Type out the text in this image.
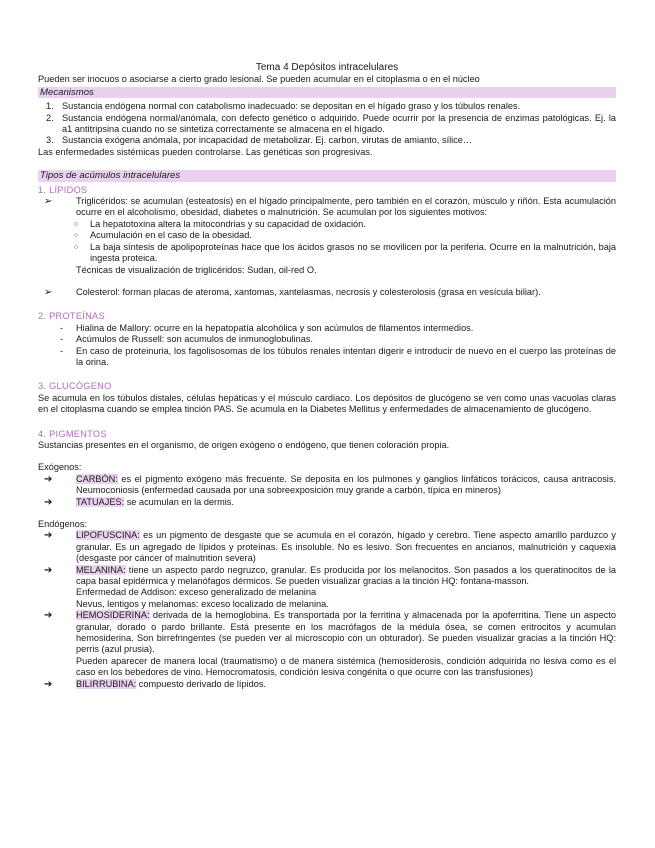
Tema 4 Depósitos intracelulares
Pueden ser inocuos o asociarse a cierto grado lesional. Se pueden acumular en el citoplasma o en el núcleo
Mecanismos
1. Sustancia endógena normal con catabolismo inadecuado: se depositan en el hígado graso y los túbulos renales.
2. Sustancia endógena normal/anómala, con defecto genético o adquirido. Puede ocurrir por la presencia de enzimas patológicas. Ej. la a1 antitripsina cuando no se sintetiza correctamente se almacena en el hígado.
3. Sustancia exógena anómala, por incapacidad de metabolizar. Ej. carbon, virutas de amianto, sílice…
Las enfermedades sistémicas pueden controlarse. Las genéticas son progresivas.
Tipos de acúmulos intracelulares
1. LÍPIDOS
➢	Triglicéridos: se acumulan (esteatosis) en el hígado principalmente, pero también en el corazón, músculo y riñón. Esta acumulación ocurre en el alcoholismo, obesidad, diabetes o malnutrición. Se acumulan por los siguientes motivos:
○ La hepatotoxina altera la mitocondrias y su capacidad de oxidación.
○ Acumulación en el caso de la obesidad.
○ La baja síntesis de apolipoproteínas hace que los ácidos grasos no se movilicen por la periferia. Ocurre en la malnutrición, baja ingesta proteica.
Técnicas de visualización de triglicéridos: Sudan, oil-red O.
➢	Colesterol: forman placas de ateroma, xantomas, xantelasmas, necrosis y colesterolosis (grasa en vesícula biliar).
2. PROTEÍNAS
- Hialina de Mallory: ocurre en la hepatopatía alcohólica y son acúmulos de filamentos intermedios.
- Acúmulos de Russell: son acumulos de inmunoglobulinas.
- En caso de proteinuria, los fagolisosomas de los túbulos renales intentan digerir e introducir de nuevo en el cuerpo las proteínas de la orina.
3. GLUCÓGENO
Se acumula en los túbulos distales, células hepáticas y el músculo cardiaco. Los depósitos de glucógeno se ven como unas vacuolas claras en el citoplasma cuando se emplea tinción PAS. Se acumula en la Diabetes Mellitus y enfermedades de almacenamiento de glucógeno.
4. PIGMENTOS
Sustancias presentes en el organismo, de origen exógeno o endógeno, que tienen coloración propia.
Exógenos:
➔	CARBÓN: es el pigmento exógeno más frecuente. Se deposita en los pulmones y ganglios linfáticos torácicos, causa antracosis. Neumoconiosis (enfermedad causada por una sobreexposición muy grande a carbón, típica en mineros)
➔	TATUAJES: se acumulan en la dermis.
Endógenos:
➔	LIPOFUSCINA: es un pigmento de desgaste que se acumula en el corazón, hígado y cerebro. Tiene aspecto amarillo parduzco y granular. Es un agregado de lípidos y proteínas. Es insoluble. No es lesivo. Son frecuentes en ancianos, malnutrición y caquexia (desgaste por cáncer of malnutrition severa)
➔	MELANINA: tiene un aspecto pardo negruzco, granular. Es producida por los melanocitos. Son pasados a los queratinocitos de la capa basal epidérmica y melanófagos dérmicos. Se pueden visualizar gracias a la tinción HQ: fontana-masson.
Enfermedad de Addison: exceso generalizado de melanina
Nevus, lentigos y melanomas: exceso localizado de melanina.
➔	HEMOSIDERINA: derivada de la hemoglobina. Es transportada por la ferritina y almacenada por la apoferritina. Tiene un aspecto granular, dorado o pardo brillante. Está presente en los macrófagos de la médula ósea, se comen eritrocitos y acumulan hemosiderina. Son birrefringentes (se pueden ver al microscopio con un obturador). Se pueden visualizar gracias a la tinción HQ: perris (azul prusia).
Pueden aparecer de manera local (traumatismo) o de manera sistémica (hemosiderosis, condición adquirida no lesiva como es el caso en los bebedores de vino. Hemocromatosis, condición lesiva congénita o que ocurre con las transfusiones)
➔	BILIRRUBINA: compuesto derivado de lípidos.
